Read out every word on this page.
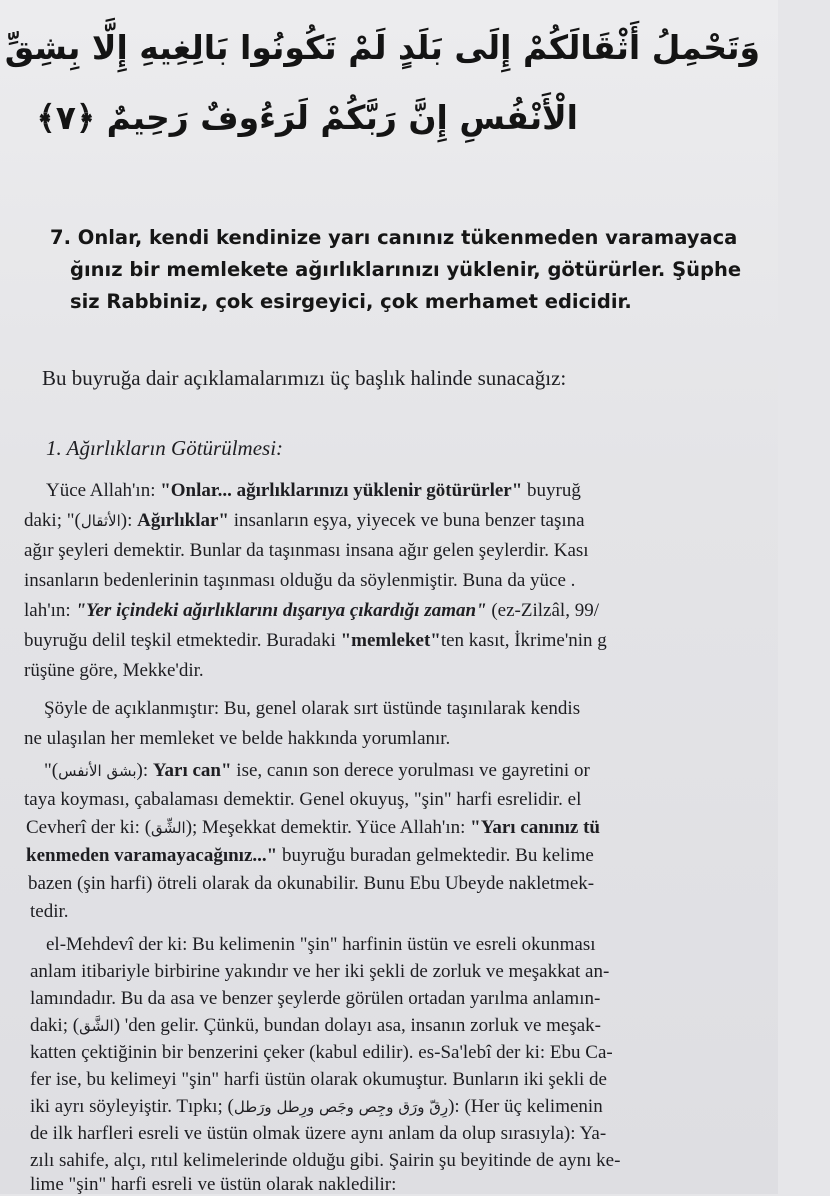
وَتَحْمِلُ أَثْقَالَكُمْ إِلَى بَلَدٍ لَمْ تَكُونُوا بَالِغِيهِ إِلَّا بِشِقِّ
الْأَنْفُسِ إِنَّ رَبَّكُمْ لَرَءُوفٌ رَحِيمٌ ﴿٧﴾
7. Onlar, kendi kendinize yarı canınız tükenmeden varamayaca
ğınız bir memlekete ağırlıklarınızı yüklenir, götürürler. Şüphe
siz Rabbiniz, çok esirgeyici, çok merhamet edicidir.
Bu buyruğa dair açıklamalarımızı üç başlık halinde sunacağız:
1. Ağırlıkların Götürülmesi:
Yüce Allah'ın: "Onlar... ağırlıklarınızı yüklenir götürürler" buyruğ
daki; "(الأثقال): Ağırlıklar" insanların eşya, yiyecek ve buna benzer taşına
ağır şeyleri demektir. Bunlar da taşınması insana ağır gelen şeylerdir. Kası
insanların bedenlerinin taşınması olduğu da söylenmiştir. Buna da yüce .
lah'ın: "Yer içindeki ağırlıklarını dışarıya çıkardığı zaman" (ez-Zilzâl, 99/
buyruğu delil teşkil etmektedir. Buradaki "memleket"ten kasıt, İkrime'nin g
rüşüne göre, Mekke'dir.
Şöyle de açıklanmıştır: Bu, genel olarak sırt üstünde taşınılarak kendis
ne ulaşılan her memleket ve belde hakkında yorumlanır.
"(بشق الأنفس): Yarı can" ise, canın son derece yorulması ve gayretini or
taya koyması, çabalaması demektir. Genel okuyuş, "şin" harfi esrelidir. el
Cevherî der ki: (الشِّق); Meşekkat demektir. Yüce Allah'ın: "Yarı canınız tü
kenmeden varamayacağınız..." buyruğu buradan gelmektedir. Bu kelime
bazen (şin harfi) ötreli olarak da okunabilir. Bunu Ebu Ubeyde nakletmek-
tedir.
el-Mehdevî der ki: Bu kelimenin "şin" harfinin üstün ve esreli okunması
anlam itibariyle birbirine yakındır ve her iki şekli de zorluk ve meşakkat an-
lamındadır. Bu da asa ve benzer şeylerde görülen ortadan yarılma anlamın-
daki; (الشَّق) 'den gelir. Çünkü, bundan dolayı asa, insanın zorluk ve meşak-
katten çektiğinin bir benzerini çeker (kabul edilir). es-Sa'lebî der ki: Ebu Ca-
fer ise, bu kelimeyi "şin" harfi üstün olarak okumuştur. Bunların iki şekli de
iki ayrı söyleyiştir. Tıpkı; (رِقّ ورَق وجِص وجَص ورِطل ورَطل): (Her üç kelimenin
de ilk harfleri esreli ve üstün olmak üzere aynı anlam da olup sırasıyla): Ya-
zılı sahife, alçı, rıtıl kelimelerinde olduğu gibi. Şairin şu beyitinde de aynı ke-
lime "şin" harfi esreli ve üstün olarak nakledilir:
